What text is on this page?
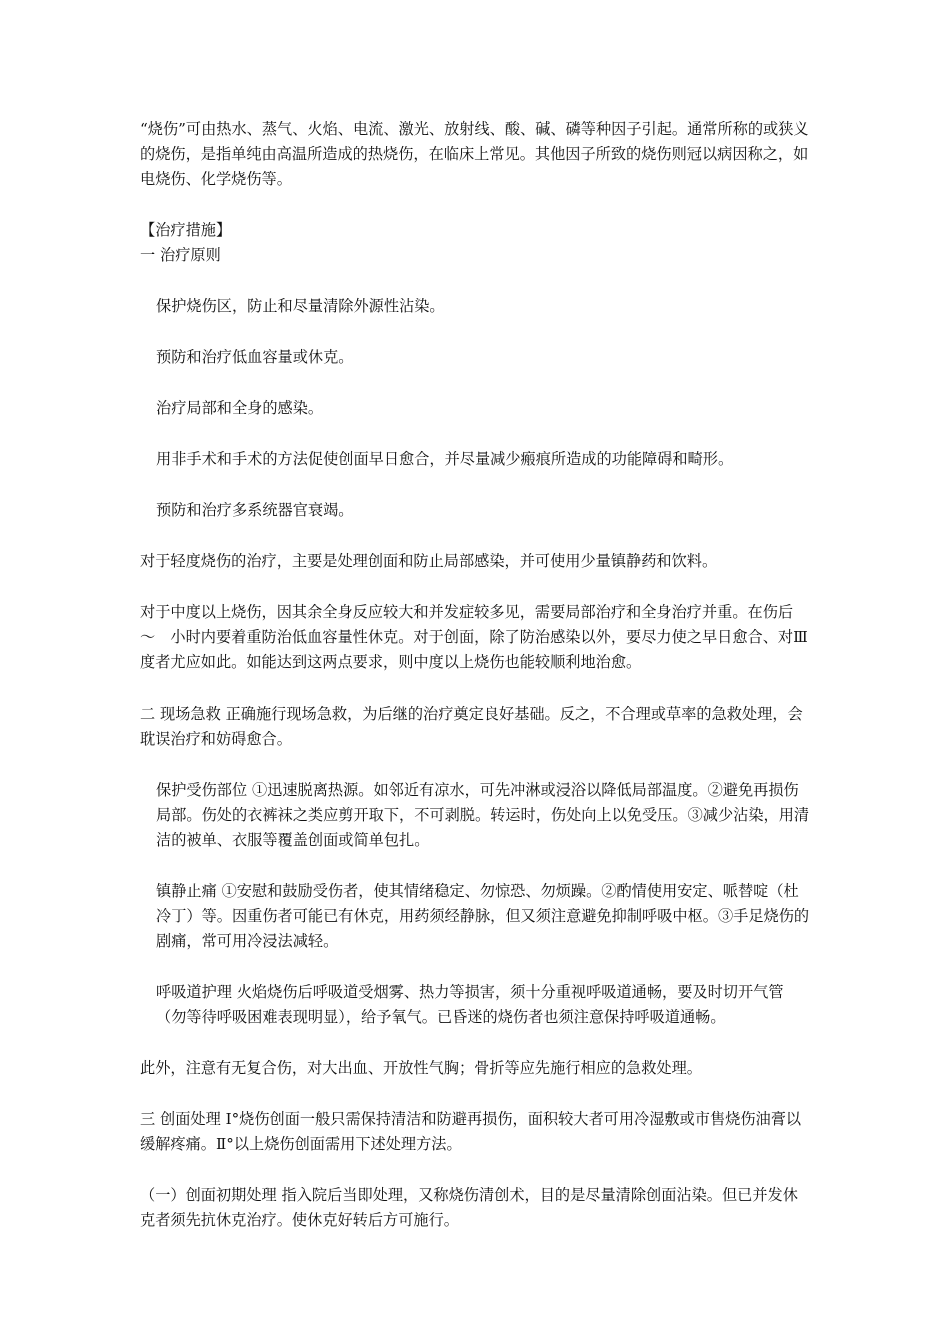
“烧伤”可由热水、蒸气、火焰、电流、激光、放射线、酸、碱、磷等种因子引起。通常所称的或狭义的烧伤，是指单纯由高温所造成的热烧伤，在临床上常见。其他因子所致的烧伤则冠以病因称之，如电烧伤、化学烧伤等。

【治疗措施】

一 治疗原则

保护烧伤区，防止和尽量清除外源性沾染。

预防和治疗低血容量或休克。

治疗局部和全身的感染。

用非手术和手术的方法促使创面早日愈合，并尽量减少瘢痕所造成的功能障碍和畸形。

预防和治疗多系统器官衰竭。

对于轻度烧伤的治疗，主要是处理创面和防止局部感染，并可使用少量镇静药和饮料。

对于中度以上烧伤，因其余全身反应较大和并发症较多见，需要局部治疗和全身治疗并重。在伤后　～　小时内要着重防治低血容量性休克。对于创面，除了防治感染以外，要尽力使之早日愈合、对Ⅲ度者尤应如此。如能达到这两点要求，则中度以上烧伤也能较顺利地治愈。

二 现场急救 正确施行现场急救，为后继的治疗奠定良好基础。反之，不合理或草率的急救处理，会耽误治疗和妨碍愈合。

保护受伤部位 ①迅速脱离热源。如邻近有凉水，可先冲淋或浸浴以降低局部温度。②避免再损伤局部。伤处的衣裤袜之类应剪开取下，不可剥脱。转运时，伤处向上以免受压。③减少沾染，用清洁的被单、衣服等覆盖创面或简单包扎。

镇静止痛 ①安慰和鼓励受伤者，使其情绪稳定、勿惊恐、勿烦躁。②酌情使用安定、哌替啶（杜冷丁）等。因重伤者可能已有休克，用药须经静脉，但又须注意避免抑制呼吸中枢。③手足烧伤的剧痛，常可用冷浸法减轻。

呼吸道护理 火焰烧伤后呼吸道受烟雾、热力等损害，须十分重视呼吸道通畅，要及时切开气管（勿等待呼吸困难表现明显），给予氧气。已昏迷的烧伤者也须注意保持呼吸道通畅。

此外，注意有无复合伤，对大出血、开放性气胸；骨折等应先施行相应的急救处理。

三 创面处理 Ⅰ°烧伤创面一般只需保持清洁和防避再损伤，面积较大者可用冷湿敷或市售烧伤油膏以缓解疼痛。Ⅱ°以上烧伤创面需用下述处理方法。

（一）创面初期处理 指入院后当即处理，又称烧伤清创术，目的是尽量清除创面沾染。但已并发休克者须先抗休克治疗。使休克好转后方可施行。
